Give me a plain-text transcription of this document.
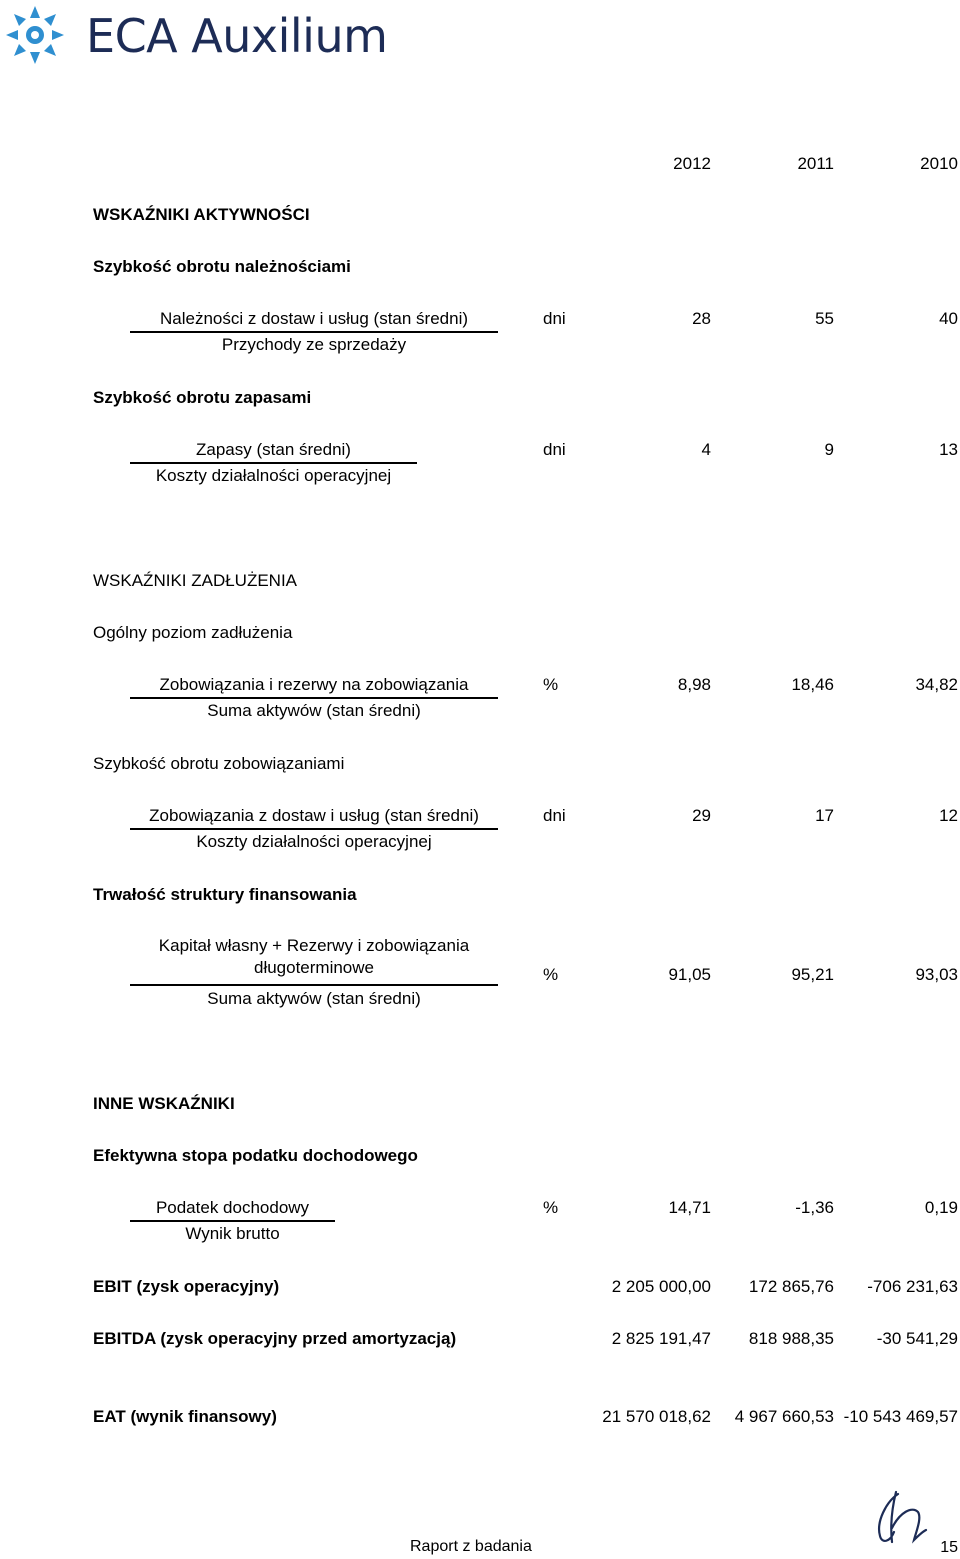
ECA Auxilium
2012	2011	2010
WSKAŹNIKI AKTYWNOŚCI
Szybkość obrotu należnościami
Należności z dostaw i usług (stan średni)
Przychody ze sprzedaży
dni	28	55	40
Szybkość obrotu zapasami
Zapasy (stan średni)
Koszty działalności operacyjnej
dni	4	9	13
WSKAŹNIKI ZADŁUŻENIA
Ogólny poziom zadłużenia
Zobowiązania i rezerwy na zobowiązania
Suma aktywów (stan średni)
%	8,98	18,46	34,82
Szybkość obrotu zobowiązaniami
Zobowiązania z dostaw i usług (stan średni)
Koszty działalności operacyjnej
dni	29	17	12
Trwałość struktury finansowania
Kapitał własny + Rezerwy i zobowiązania
długoterminowe
Suma aktywów (stan średni)
%	91,05	95,21	93,03
INNE WSKAŹNIKI
Efektywna stopa podatku dochodowego
Podatek dochodowy
Wynik brutto
%	14,71	-1,36	0,19
EBIT (zysk operacyjny)	2 205 000,00	172 865,76	-706 231,63
EBITDA (zysk operacyjny przed amortyzacją)	2 825 191,47	818 988,35	-30 541,29
EAT (wynik finansowy)	21 570 018,62	4 967 660,53 -10 543 469,57
Raport z badania	15
